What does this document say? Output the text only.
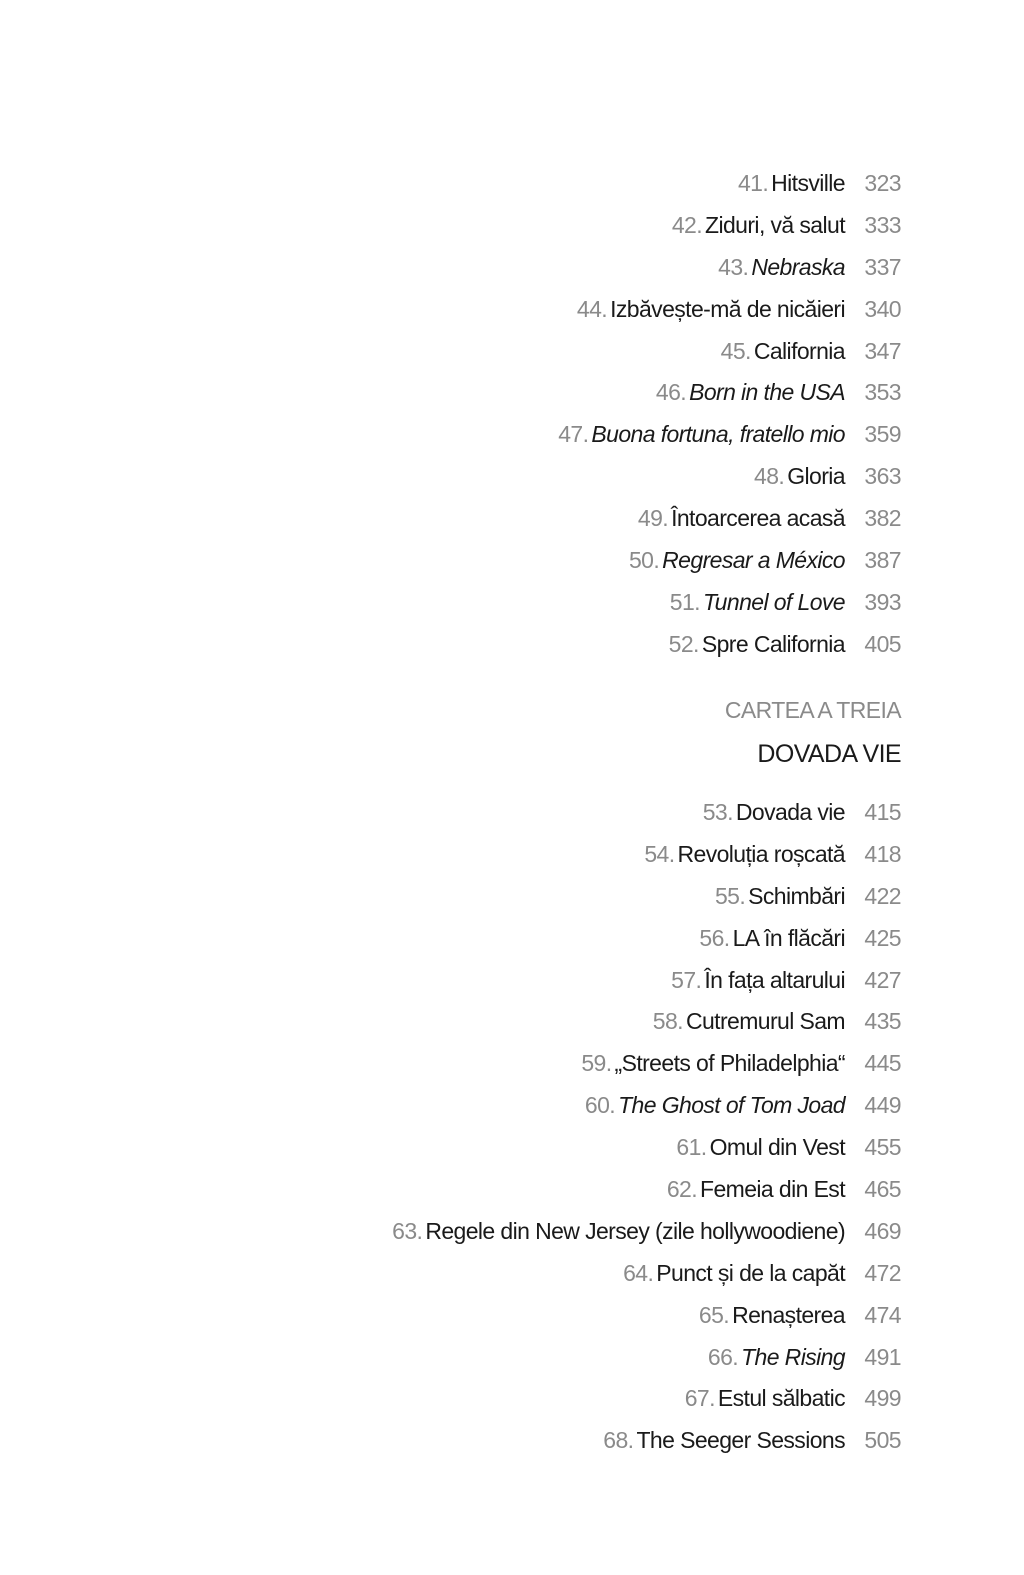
41. Hitsville 323
42. Ziduri, vă salut 333
43. Nebraska 337
44. Izbăvește-mă de nicăieri 340
45. California 347
46. Born in the USA 353
47. Buona fortuna, fratello mio 359
48. Gloria 363
49. Întoarcerea acasă 382
50. Regresar a México 387
51. Tunnel of Love 393
52. Spre California 405
CARTEA A TREIA
DOVADA VIE
53. Dovada vie 415
54. Revoluția roșcată 418
55. Schimbări 422
56. LA în flăcări 425
57. În fața altarului 427
58. Cutremurul Sam 435
59. „Streets of Philadelphia“ 445
60. The Ghost of Tom Joad 449
61. Omul din Vest 455
62. Femeia din Est 465
63. Regele din New Jersey (zile hollywoodiene) 469
64. Punct și de la capăt 472
65. Renașterea 474
66. The Rising 491
67. Estul sălbatic 499
68. The Seeger Sessions 505
